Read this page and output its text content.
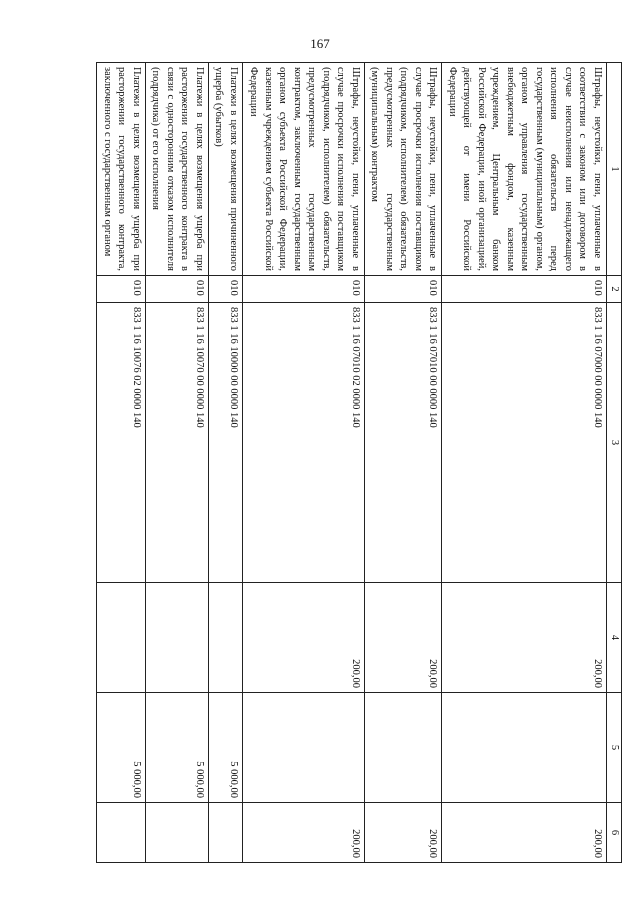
167
1	2	3	4	5	6
Штрафы, неустойки, пени, уплаченные в соответствии с законом или договором в случае неисполнения или ненадлежащего исполнения обязательств перед государственным (муниципальным) органом, органом управления государственным внебюджетным фондом, казенным учреждением, Центральным банком Российской Федерации, иной организацией, действующей от имени Российской Федерации	010	833 1 16 07000 00 0000 140	200,00		200,00
Штрафы, неустойки, пени, уплаченные в случае просрочки исполнения поставщиком (подрядчиком, исполнителем) обязательств, предусмотренных государственным (муниципальным) контрактом	010	833 1 16 07010 00 0000 140	200,00		200,00
Штрафы, неустойки, пени, уплаченные в случае просрочки исполнения поставщиком (подрядчиком, исполнителем) обязательств, предусмотренных государственным контрактом, заключенным государственным органом субъекта Российской Федерации, казенным учреждением субъекта Российской Федерации	010	833 1 16 07010 02 0000 140	200,00		200,00
Платежи в целях возмещения причиненного ущерба (убытков)	010	833 1 16 10000 00 0000 140		5 000,00	
Платежи в целях возмещения ущерба при расторжении государственного контракта в связи с односторонним отказом исполнителя (подрядчика) от его исполнения	010	833 1 16 10070 00 0000 140		5 000,00	
Платежи в целях возмещения ущерба при расторжении государственного контракта, заключенного с государственным органом	010	833 1 16 10076 02 0000 140		5 000,00	
